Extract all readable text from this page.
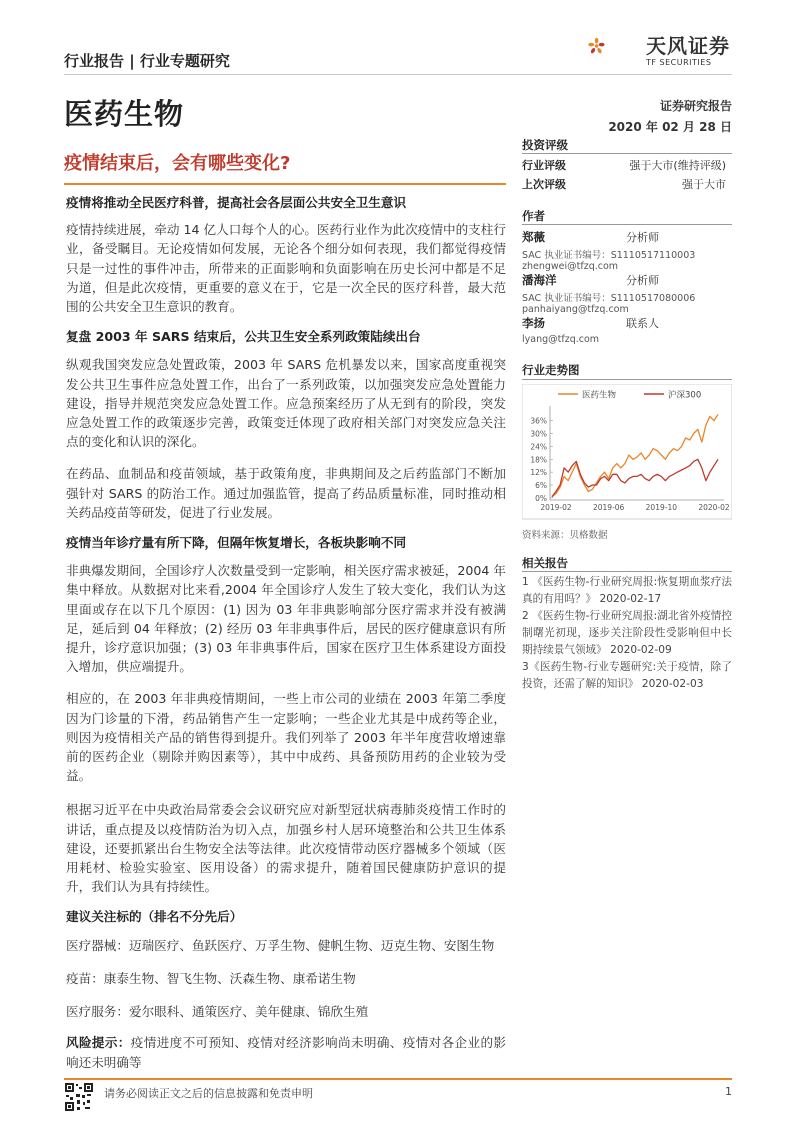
行业报告 | 行业专题研究
天风证券
TF SECURITIES
医药生物	证券研究报告
2020 年 02 月 28 日
疫情结束后，会有哪些变化?
投资评级
行业评级	强于大市(维持评级)
上次评级	强于大市
作者
郑薇	分析师
SAC 执业证书编号：S1110517110003
zhengwei@tfzq.com
潘海洋	分析师
SAC 执业证书编号：S1110517080006
panhaiyang@tfzq.com
李扬	联系人
lyang@tfzq.com
行业走势图
医药生物	沪深300
0%
6%
12%
18%
24%
30%
36%
2019-02	2019-06	2019-10	2020-02
资料来源：贝格数据
相关报告

1 《医药生物-行业研究周报:恢复期血浆疗法真的有用吗？》 2020-02-17

2 《医药生物-行业研究周报:湖北省外疫情控制曙光初现，逐步关注阶段性受影响但中长期持续景气领域》 2020-02-09

3《医药生物-行业专题研究:关于疫情，除了投资，还需了解的知识》 2020-02-03

疫情将推动全民医疗科普，提高社会各层面公共安全卫生意识

疫情持续进展，牵动 14 亿人口每个人的心。医药行业作为此次疫情中的支柱行业，备受瞩目。无论疫情如何发展，无论各个细分如何表现，我们都觉得疫情只是一过性的事件冲击，所带来的正面影响和负面影响在历史长河中都是不足为道，但是此次疫情，更重要的意义在于，它是一次全民的医疗科普，最大范围的公共安全卫生意识的教育。

复盘 2003 年 SARS 结束后，公共卫生安全系列政策陆续出台

纵观我国突发应急处置政策，2003 年 SARS 危机暴发以来，国家高度重视突发公共卫生事件应急处置工作，出台了一系列政策，以加强突发应急处置能力建设，指导并规范突发应急处置工作。应急预案经历了从无到有的阶段，突发应急处置工作的政策逐步完善，政策变迁体现了政府相关部门对突发应急关注点的变化和认识的深化。

在药品、血制品和疫苗领域，基于政策角度，非典期间及之后药监部门不断加强针对 SARS 的防治工作。通过加强监管，提高了药品质量标准，同时推动相关药品疫苗等研发，促进了行业发展。

疫情当年诊疗量有所下降，但隔年恢复增长，各板块影响不同

非典爆发期间，全国诊疗人次数量受到一定影响，相关医疗需求被延，2004 年集中释放。从数据对比来看,2004 年全国诊疗人发生了较大变化，我们认为这里面或存在以下几个原因：(1) 因为 03 年非典影响部分医疗需求并没有被满足，延后到 04 年释放；(2) 经历 03 年非典事件后，居民的医疗健康意识有所提升，诊疗意识加强；(3) 03 年非典事件后，国家在医疗卫生体系建设方面投入增加，供应端提升。

相应的，在 2003 年非典疫情期间，一些上市公司的业绩在 2003 年第二季度因为门诊量的下滑，药品销售产生一定影响；一些企业尤其是中成药等企业，则因为疫情相关产品的销售得到提升。我们列举了 2003 年半年度营收增速靠前的医药企业（剔除并购因素等），其中中成药、具备预防用药的企业较为受益。

根据习近平在中央政治局常委会会议研究应对新型冠状病毒肺炎疫情工作时的讲话，重点提及以疫情防治为切入点，加强乡村人居环境整治和公共卫生体系建设，还要抓紧出台生物安全法等法律。此次疫情带动医疗器械多个领域（医用耗材、检验实验室、医用设备）的需求提升，随着国民健康防护意识的提升，我们认为具有持续性。

建议关注标的（排名不分先后）

医疗器械：迈瑞医疗、鱼跃医疗、万孚生物、健帆生物、迈克生物、安图生物

疫苗：康泰生物、智飞生物、沃森生物、康希诺生物

医疗服务：爱尔眼科、通策医疗、美年健康、锦欣生殖

风险提示：疫情进度不可预知、疫情对经济影响尚未明确、疫情对各企业的影响还未明确等

请务必阅读正文之后的信息披露和免责申明	1
